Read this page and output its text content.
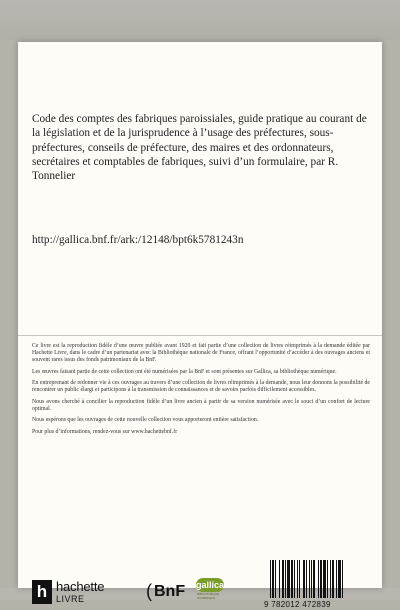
Code des comptes des fabriques paroissiales, guide pratique au courant de la législation et de la jurisprudence à l’usage des préfectures, sous-préfectures, conseils de préfecture, des maires et des ordonnateurs, secrétaires et comptables de fabriques, suivi d’un formulaire, par R. Tonnelier

http://gallica.bnf.fr/ark:/12148/bpt6k5781243n

Ce livre est la reproduction fidèle d’une œuvre publiée avant 1920 et fait partie d’une collection de livres réimprimés à la demande éditée par Hachette Livre, dans le cadre d’un partenariat avec la Bibliothèque nationale de France, offrant l’opportunité d’accéder à des ouvrages anciens et souvent rares issus des fonds patrimoniaux de la BnF.

Les œuvres faisant partie de cette collection ont été numérisées par la BnF et sont présentes sur Gallica, sa bibliothèque numérique.

En entreprenant de redonner vie à ces ouvrages au travers d’une collection de livres réimprimés à la demande, nous leur donnons la possibilité de rencontrer un public élargi et participons à la transmission de connaissances et de savoirs parfois difficilement accessibles.

Nous avons cherché à concilier la reproduction fidèle d’un livre ancien à partir de sa version numérisée avec le souci d’un confort de lecture optimal.

Nous espérons que les ouvrages de cette nouvelle collection vous apporteront entière satisfaction.

Pour plus d’informations, rendez-vous sur www.hachettebnf.fr

h hachette
LIVRE	( BnF gallica
BIBLIOTHÈQUE NUMÉRIQUE
9 782012 472839
